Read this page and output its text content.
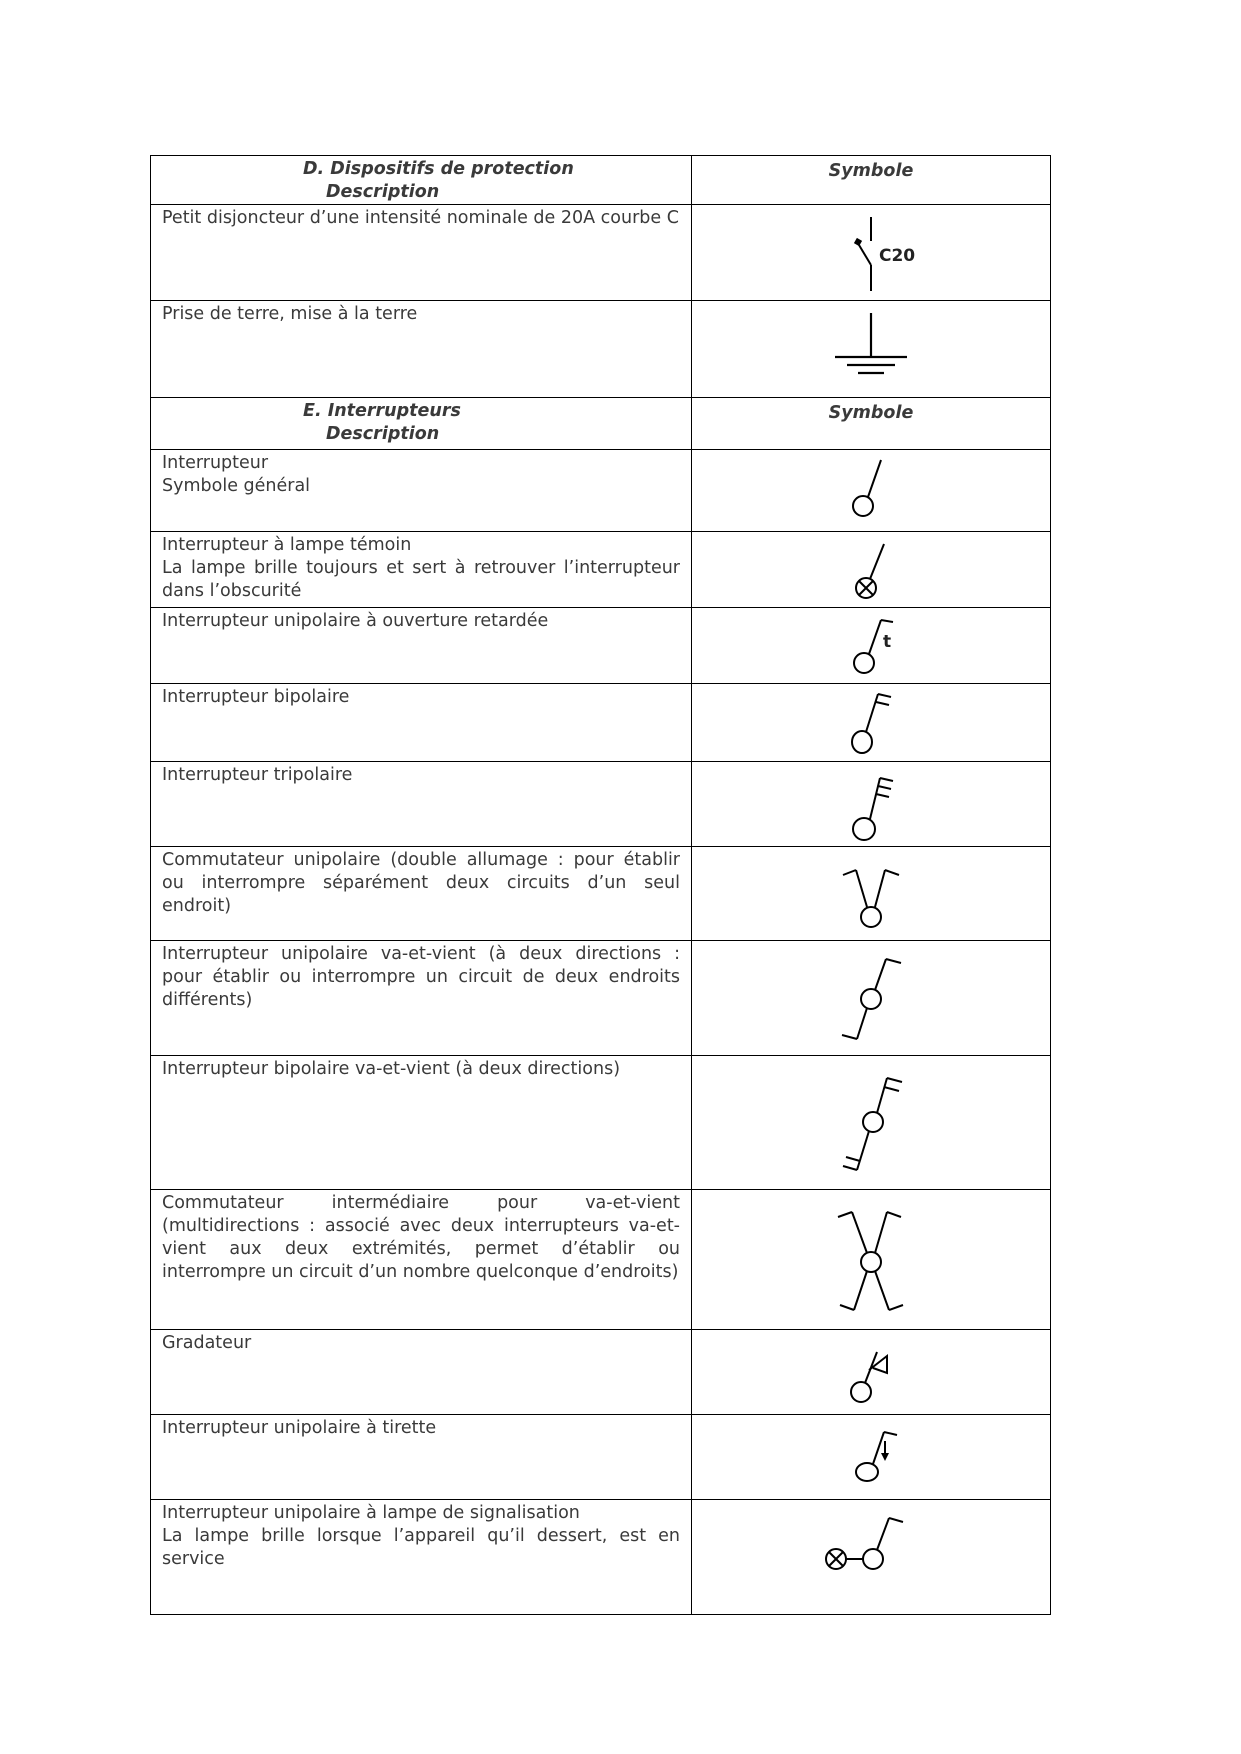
D. Dispositifs de protection
Description	Symbole

Petit disjoncteur d’une intensité nominale de 20A courbe C	C20

Prise de terre, mise à la terre

E. Interrupteurs
Description	Symbole

Interrupteur
Symbole général

Interrupteur à lampe témoin
La lampe brille toujours et sert à retrouver l’interrupteur dans l’obscurité

Interrupteur unipolaire à ouverture retardée	t

Interrupteur bipolaire

Interrupteur tripolaire

Commutateur unipolaire (double allumage : pour établir ou interrompre séparément deux circuits d’un seul endroit)

Interrupteur unipolaire va-et-vient (à deux directions : pour établir ou interrompre un circuit de deux endroits différents)

Interrupteur bipolaire va-et-vient (à deux directions)

Commutateur intermédiaire pour va-et-vient (multidirections : associé avec deux interrupteurs va-et-vient aux deux extrémités, permet d’établir ou interrompre un circuit d’un nombre quelconque d’endroits)

Gradateur

Interrupteur unipolaire à tirette

Interrupteur unipolaire à lampe de signalisation
La lampe brille lorsque l’appareil qu’il dessert, est en service
